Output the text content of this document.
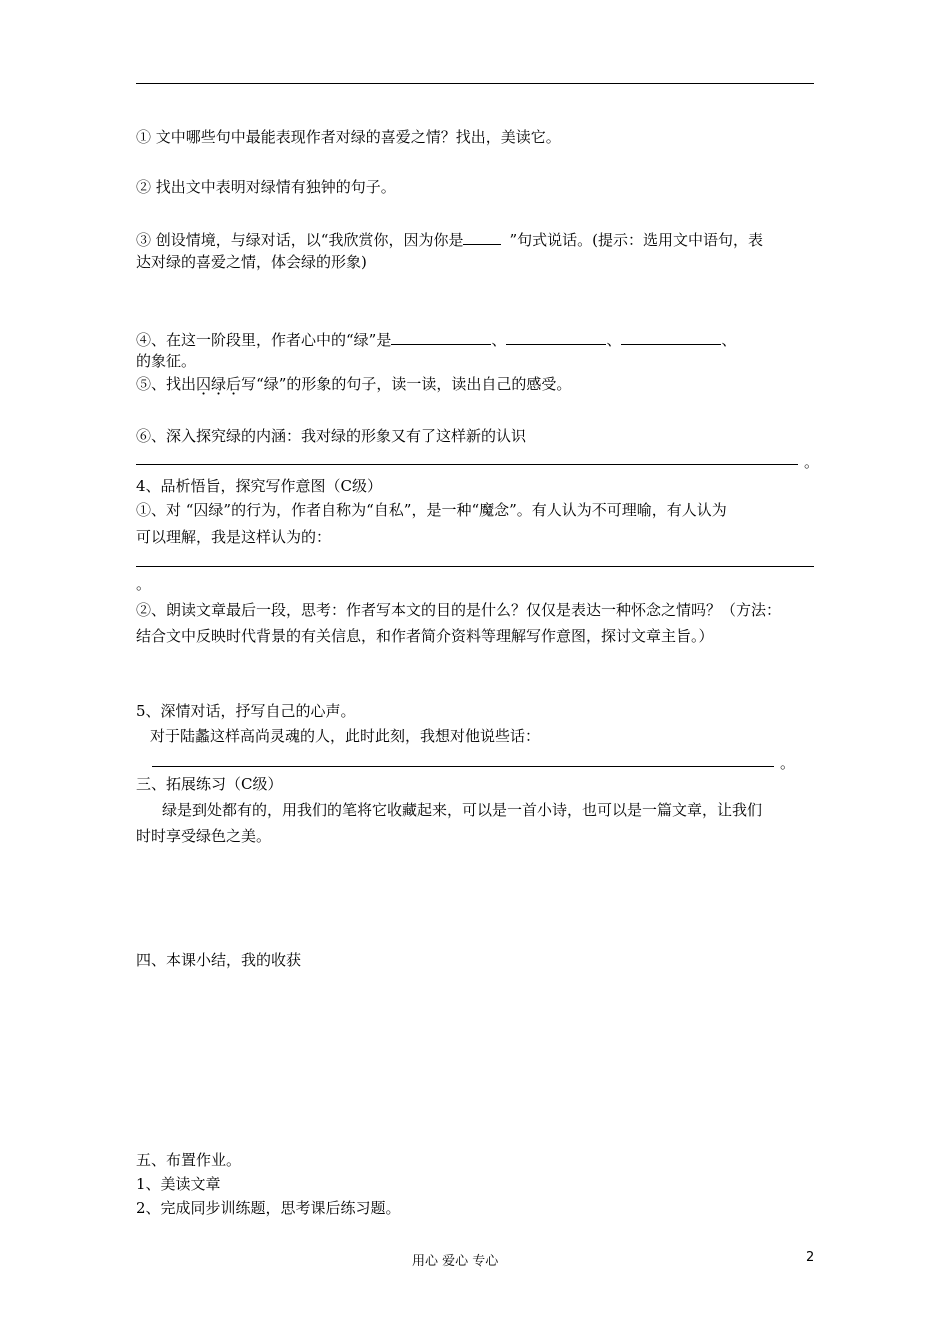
① 文中哪些句中最能表现作者对绿的喜爱之情？找出，美读它。
② 找出文中表明对绿情有独钟的句子。
③ 创设情境，与绿对话，以“我欣赏你，因为你是	”句式说话。(提示：选用文中语句，表
达对绿的喜爱之情，体会绿的形象)
④、在这一阶段里，作者心中的“绿”是	、	、	、
的象征。
⑤、找出囚绿后写“绿”的形象的句子，读一读，读出自己的感受。
⑥、深入探究绿的内涵：我对绿的形象又有了这样新的认识
。
4、品析悟旨，探究写作意图（C级）
①、对 “囚绿”的行为，作者自称为“自私”，是一种“魔念”。有人认为不可理喻，有人认为
可以理解，我是这样认为的：
。
②、朗读文章最后一段，思考：作者写本文的目的是什么？仅仅是表达一种怀念之情吗？（方法：
结合文中反映时代背景的有关信息，和作者简介资料等理解写作意图，探讨文章主旨。）
5、深情对话，抒写自己的心声。
对于陆蠡这样高尚灵魂的人，此时此刻，我想对他说些话：
。
三、拓展练习（C级）
绿是到处都有的，用我们的笔将它收藏起来，可以是一首小诗，也可以是一篇文章，让我们
时时享受绿色之美。
四、本课小结，我的收获
五、布置作业。
1、美读文章
2、完成同步训练题，思考课后练习题。
用心 爱心 专心	2
